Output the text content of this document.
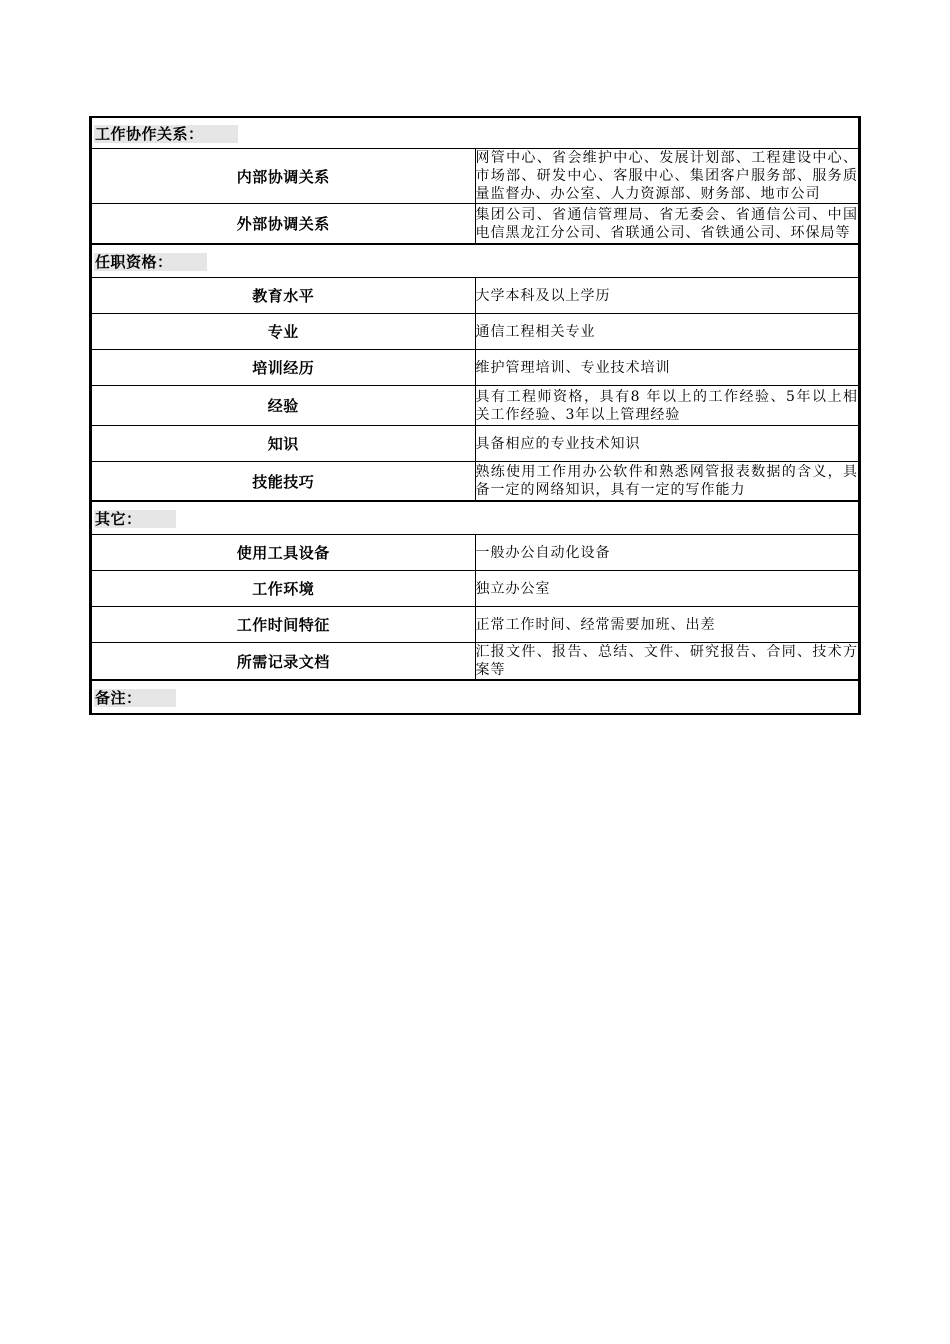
工作协作关系：	
内部协调关系	网管中心、省会维护中心、发展计划部、工程建设中心、市场部、研发中心、客服中心、集团客户服务部、服务质量监督办、办公室、人力资源部、财务部、地市公司
外部协调关系	集团公司、省通信管理局、省无委会、省通信公司、中国电信黑龙江分公司、省联通公司、省铁通公司、环保局等
任职资格：	
教育水平	大学本科及以上学历
专业	通信工程相关专业
培训经历	维护管理培训、专业技术培训
经验	具有工程师资格，具有8 年以上的工作经验、5年以上相关工作经验、3年以上管理经验
知识	具备相应的专业技术知识
技能技巧	熟练使用工作用办公软件和熟悉网管报表数据的含义，具备一定的网络知识，具有一定的写作能力
其它：	
使用工具设备	一般办公自动化设备
工作环境	独立办公室
工作时间特征	正常工作时间、经常需要加班、出差
所需记录文档	汇报文件、报告、总结、文件、研究报告、合同、技术方案等
备注：	
